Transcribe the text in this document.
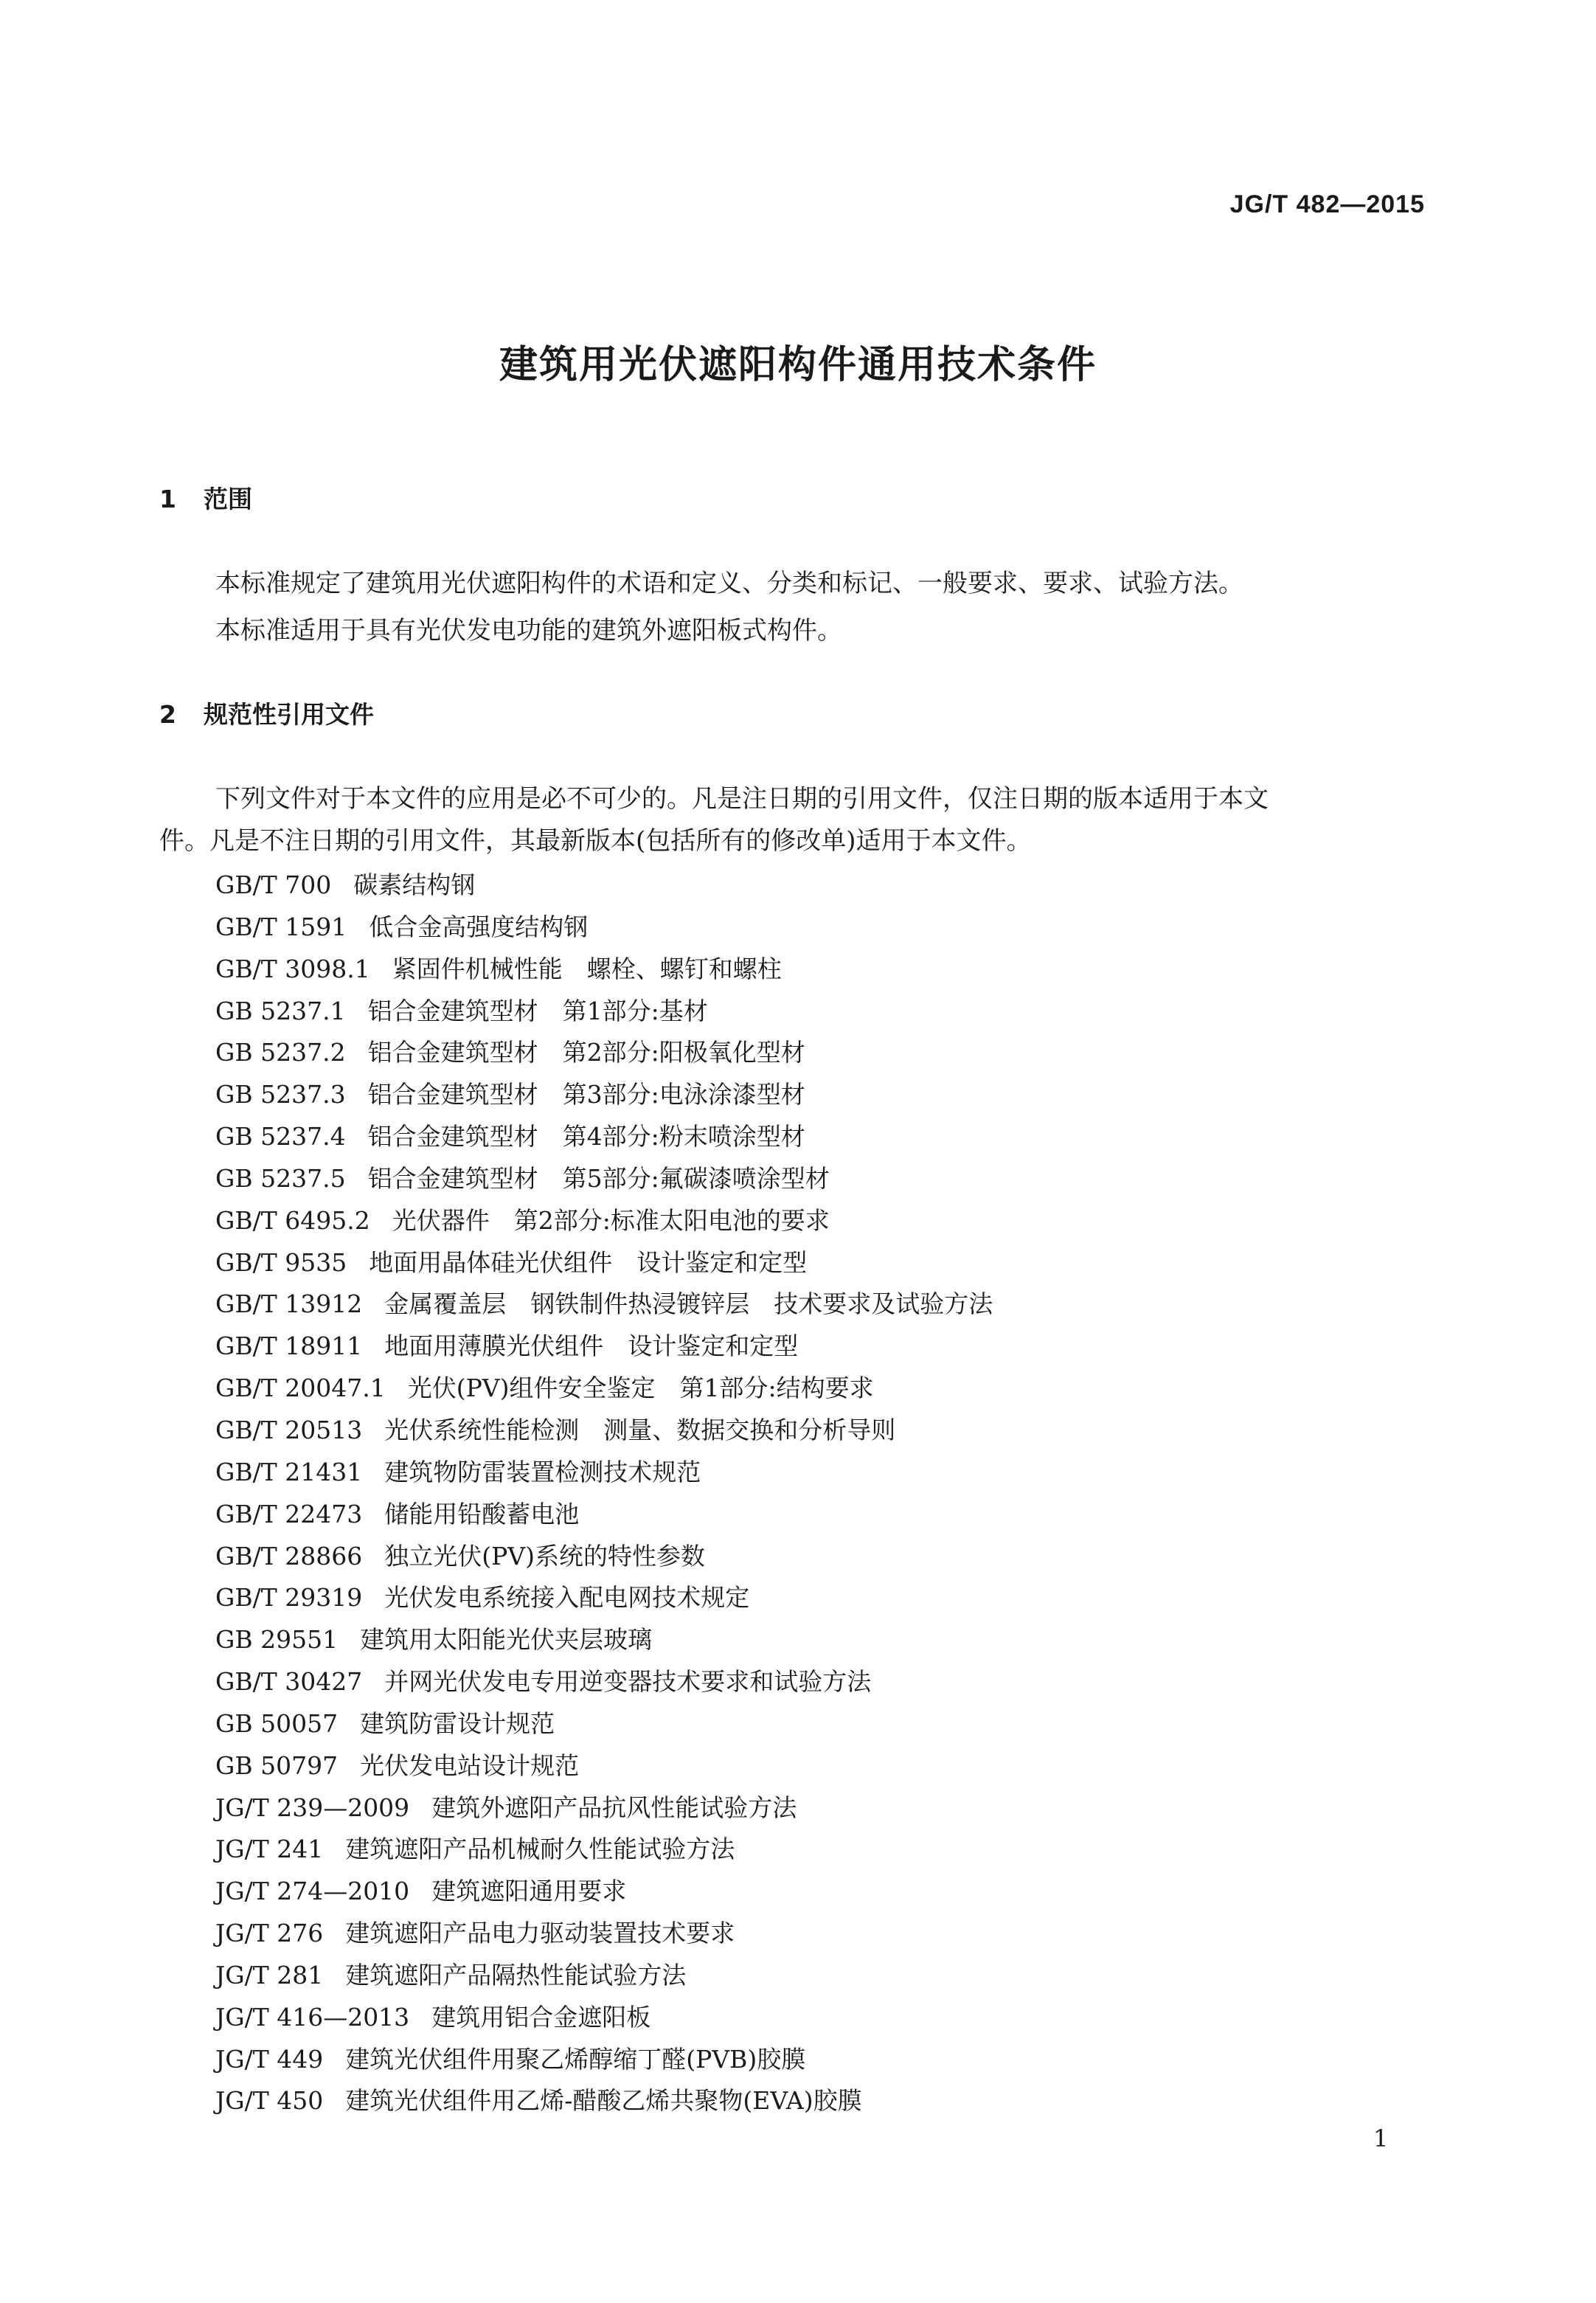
JG/T 482—2015
建筑用光伏遮阳构件通用技术条件
1	范围
本标准规定了建筑用光伏遮阳构件的术语和定义、分类和标记、一般要求、要求、试验方法。
本标准适用于具有光伏发电功能的建筑外遮阳板式构件。
2	规范性引用文件
下列文件对于本文件的应用是必不可少的。凡是注日期的引用文件，仅注日期的版本适用于本文
件。凡是不注日期的引用文件，其最新版本(包括所有的修改单)适用于本文件。
GB/T 700 碳素结构钢
GB/T 1591 低合金高强度结构钢
GB/T 3098.1 紧固件机械性能　螺栓、螺钉和螺柱
GB 5237.1 铝合金建筑型材　第1部分:基材
GB 5237.2 铝合金建筑型材　第2部分:阳极氧化型材
GB 5237.3 铝合金建筑型材　第3部分:电泳涂漆型材
GB 5237.4 铝合金建筑型材　第4部分:粉末喷涂型材
GB 5237.5 铝合金建筑型材　第5部分:氟碳漆喷涂型材
GB/T 6495.2 光伏器件　第2部分:标准太阳电池的要求
GB/T 9535 地面用晶体硅光伏组件　设计鉴定和定型
GB/T 13912 金属覆盖层　钢铁制件热浸镀锌层　技术要求及试验方法
GB/T 18911 地面用薄膜光伏组件　设计鉴定和定型
GB/T 20047.1 光伏(PV)组件安全鉴定　第1部分:结构要求
GB/T 20513 光伏系统性能检测　测量、数据交换和分析导则
GB/T 21431 建筑物防雷装置检测技术规范
GB/T 22473 储能用铅酸蓄电池
GB/T 28866 独立光伏(PV)系统的特性参数
GB/T 29319 光伏发电系统接入配电网技术规定
GB 29551 建筑用太阳能光伏夹层玻璃
GB/T 30427 并网光伏发电专用逆变器技术要求和试验方法
GB 50057 建筑防雷设计规范
GB 50797 光伏发电站设计规范
JG/T 239—2009 建筑外遮阳产品抗风性能试验方法
JG/T 241 建筑遮阳产品机械耐久性能试验方法
JG/T 274—2010 建筑遮阳通用要求
JG/T 276 建筑遮阳产品电力驱动装置技术要求
JG/T 281 建筑遮阳产品隔热性能试验方法
JG/T 416—2013 建筑用铝合金遮阳板
JG/T 449 建筑光伏组件用聚乙烯醇缩丁醛(PVB)胶膜
JG/T 450 建筑光伏组件用乙烯-醋酸乙烯共聚物(EVA)胶膜
1
